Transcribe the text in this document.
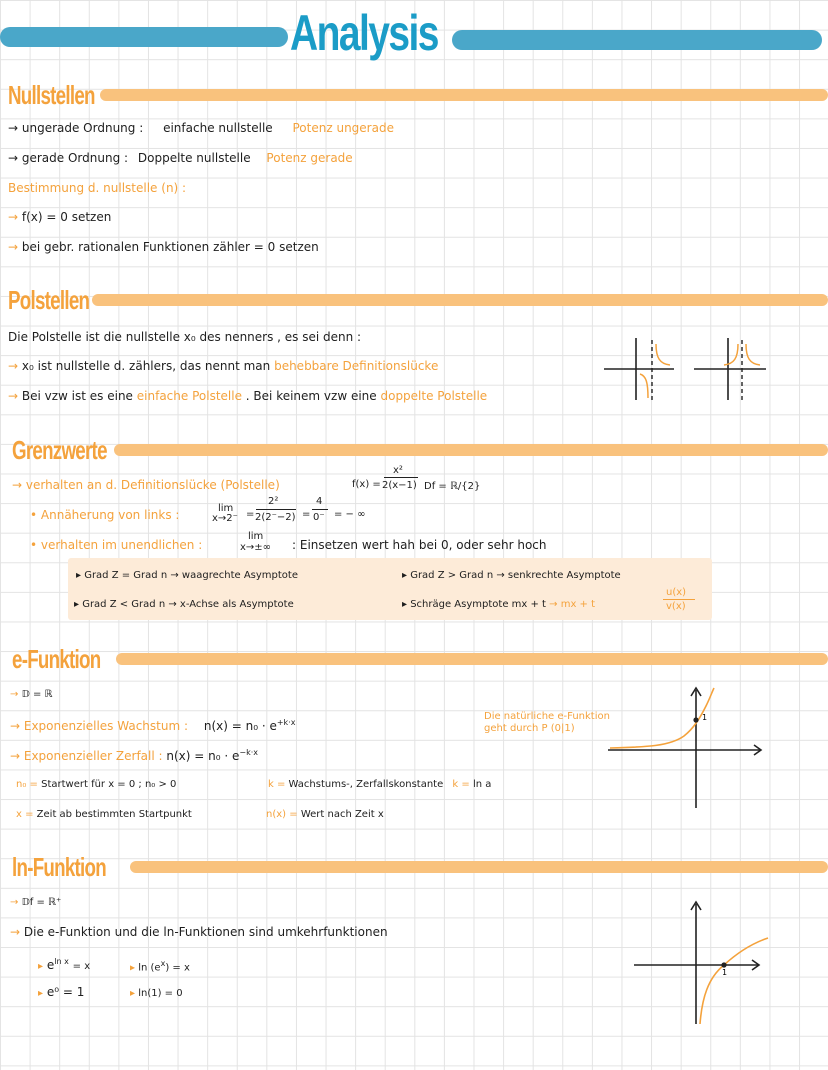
Analysis
Nullstellen
→ ungerade Ordnung : einfache nullstelle Potenz ungerade
→ gerade Ordnung : Doppelte nullstelle Potenz gerade
Bestimmung d. nullstelle (n) :
→ f(x) = 0 setzen
→ bei gebr. rationalen Funktionen zähler = 0 setzen
Polstellen
Die Polstelle ist die nullstelle x₀ des nenners , es sei denn :
→ x₀ ist nullstelle d. zählers, das nennt man behebbare Definitionslücke
→ Bei vzw ist es eine einfache Polstelle . Bei keinem vzw eine doppelte Polstelle
Grenzwerte
→ verhalten an d. Definitionslücke (Polstelle)	f(x) =
x²
2(x−1) Df = ℝ/{2}
• Annäherung von links :	lim
x→2⁻ =
2²
2(2⁻−2) =
4
0⁻ = − ∞
• verhalten im unendlichen :
lim
x→±∞ : Einsetzen wert hah bei 0, oder sehr hoch
▸ Grad Z = Grad n → waagrechte Asymptote	▸ Grad Z > Grad n → senkrechte Asymptote
▸ Grad Z < Grad n → x-Achse als Asymptote	▸ Schräge Asymptote mx + t → mx + t
u(x)
v(x)
e-Funktion
→ 𝔻 = ℝ
→ Exponenzielles Wachstum : $n(x) = n_0 \cdot e^{+k\cdot x}$
→ Exponenzieller Zerfall : $n(x) = n_0 \cdot e^{-k\cdot x}$
n₀ = Startwert für x = 0 ; n₀ > 0	k = Wachstums-, Zerfallskonstante k = ln a
x = Zeit ab bestimmten Startpunkt	n(x) = Wert nach Zeit x
Die natürliche e-Funktion
geht durch P (0|1)
1
ln-Funktion
→ 𝔻f = ℝ⁺
→ Die e-Funktion und die ln-Funktionen sind umkehrfunktionen
▸ $e^{ln x} = x$	▸ $\ln (e^x) = x$
▸ e⁰ = 1	▸ ln(1) = 0
1
